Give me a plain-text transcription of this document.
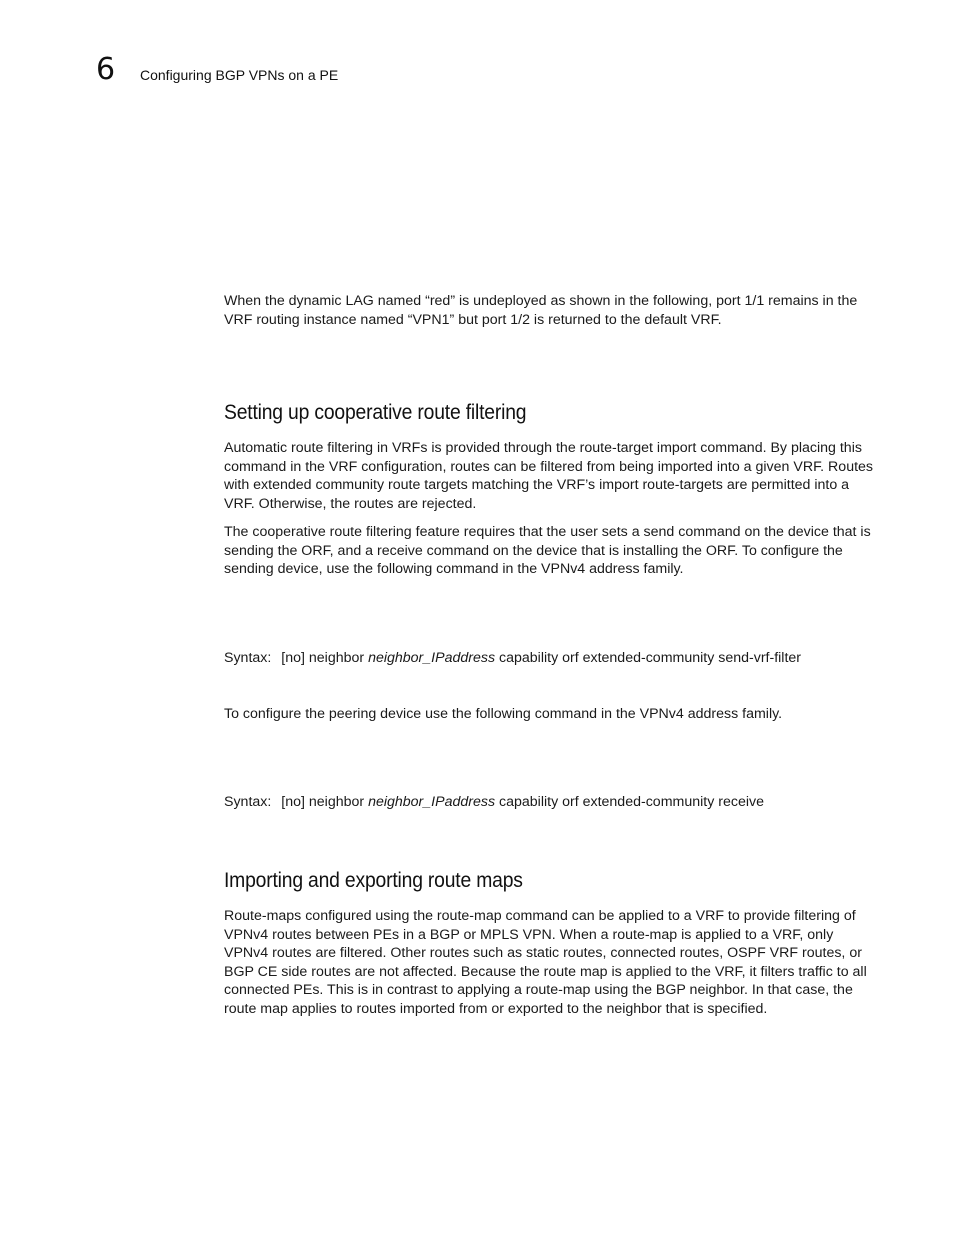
6 Configuring BGP VPNs on a PE

When the dynamic LAG named “red” is undeployed as shown in the following, port 1/1 remains in the VRF routing instance named “VPN1” but port 1/2 is returned to the default VRF.

Setting up cooperative route filtering

Automatic route filtering in VRFs is provided through the route-target import command. By placing this command in the VRF configuration, routes can be filtered from being imported into a given VRF. Routes with extended community route targets matching the VRF’s import route-targets are permitted into a VRF. Otherwise, the routes are rejected.

The cooperative route filtering feature requires that the user sets a send command on the device that is sending the ORF, and a receive command on the device that is installing the ORF. To configure the sending device, use the following command in the VPNv4 address family.

Syntax: [no] neighbor neighbor_IPaddress capability orf extended-community send-vrf-filter

To configure the peering device use the following command in the VPNv4 address family.

Syntax: [no] neighbor neighbor_IPaddress capability orf extended-community receive

Importing and exporting route maps

Route-maps configured using the route-map command can be applied to a VRF to provide filtering of VPNv4 routes between PEs in a BGP or MPLS VPN. When a route-map is applied to a VRF, only VPNv4 routes are filtered. Other routes such as static routes, connected routes, OSPF VRF routes, or BGP CE side routes are not affected. Because the route map is applied to the VRF, it filters traffic to all connected PEs. This is in contrast to applying a route-map using the BGP neighbor. In that case, the route map applies to routes imported from or exported to the neighbor that is specified.
